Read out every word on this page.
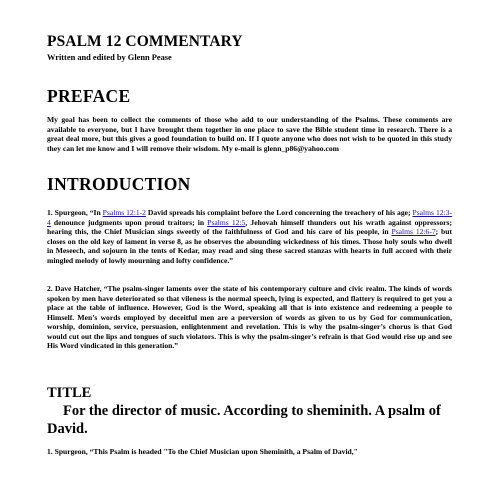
PSALM 12 COMMENTARY

Written and edited by Glenn Pease

PREFACE

My goal has been to collect the comments of those who add to our understanding of the Psalms. These comments are available to everyone, but I have brought them together in one place to save the Bible student time in research. There is a great deal more, but this gives a good foundation to build on. If I quote anyone who does not wish to be quoted in this study they can let me know and I will remove their wisdom. My e-mail is glenn_p86@yahoo.com

INTRODUCTION

1. Spurgeon, “In Psalms 12:1-2 David spreads his complaint before the Lord concerning the treachery of his age; Psalms 12:3-4 denounce judgments upon proud traitors; in Psalms 12:5, Jehovah himself thunders out his wrath against oppressors; hearing this, the Chief Musician sings sweetly of the faithfulness of God and his care of his people, in Psalms 12:6-7; but closes on the old key of lament in verse 8, as he observes the abounding wickedness of his times. Those holy souls who dwell in Meseech, and sojourn in the tents of Kedar, may read and sing these sacred stanzas with hearts in full accord with their mingled melody of lowly mourning and lofty confidence.”

2. Dave Hatcher, “The psalm-singer laments over the state of his contemporary culture and civic realm. The kinds of words spoken by men have deteriorated so that vileness is the normal speech, lying is expected, and flattery is required to get you a place at the table of influence. However, God is the Word, speaking all that is into existence and redeeming a people to Himself. Men’s words employed by deceitful men are a perversion of words as given to us by God for communication, worship, dominion, service, persuasion, enlightenment and revelation. This is why the psalm-singer’s chorus is that God would cut out the lips and tongues of such violators. This is why the psalm-singer’s refrain is that God would rise up and see His Word vindicated in this generation.”

TITLE

For the director of music. According to sheminith. A psalm of David.

1. Spurgeon, “This Psalm is headed "To the Chief Musician upon Sheminith, a Psalm of David,"
